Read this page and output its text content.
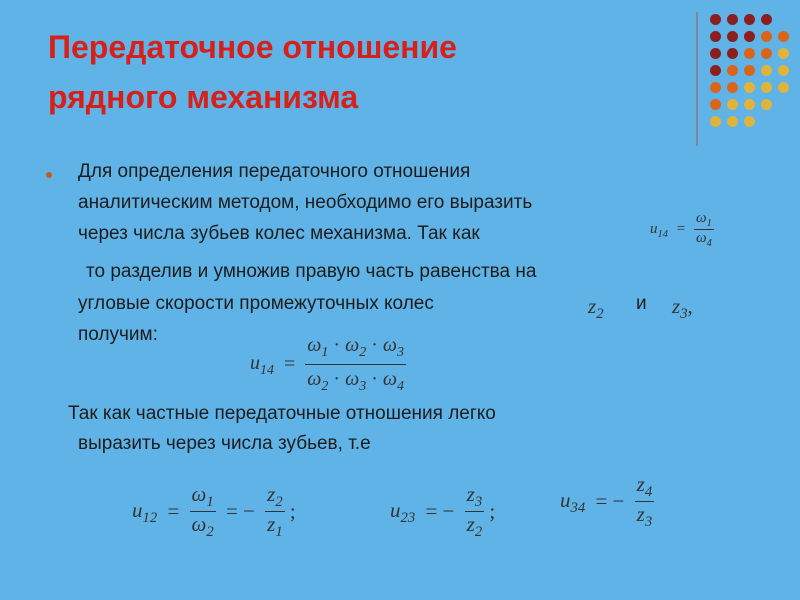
Передаточное отношение
рядного механизма
Для определения передаточного отношения
аналитическим методом, необходимо его выразить
через числа зубьев колес механизма. Так как	$u_{14} = \frac{\omega_1}{\omega_4}$
то разделив и умножив правую часть равенства на
угловые скорости промежуточных колес	$z_2$
и $z_3$,
получим:
$u_{14} = \frac{\omega_1 \cdot \omega_2 \cdot \omega_3}{\omega_2 \cdot \omega_3 \cdot \omega_4}$
Так как частные передаточные отношения легко
выразить через числа зубьев, т.е
$u_{12} = \frac{\omega_1}{\omega_2}$ = − $\frac{z_2}{z_1}$ ;	$u_{23}$ = − $\frac{z_3}{z_2}$ ;	$u_{34}$ = − $\frac{z_4}{z_3}$
